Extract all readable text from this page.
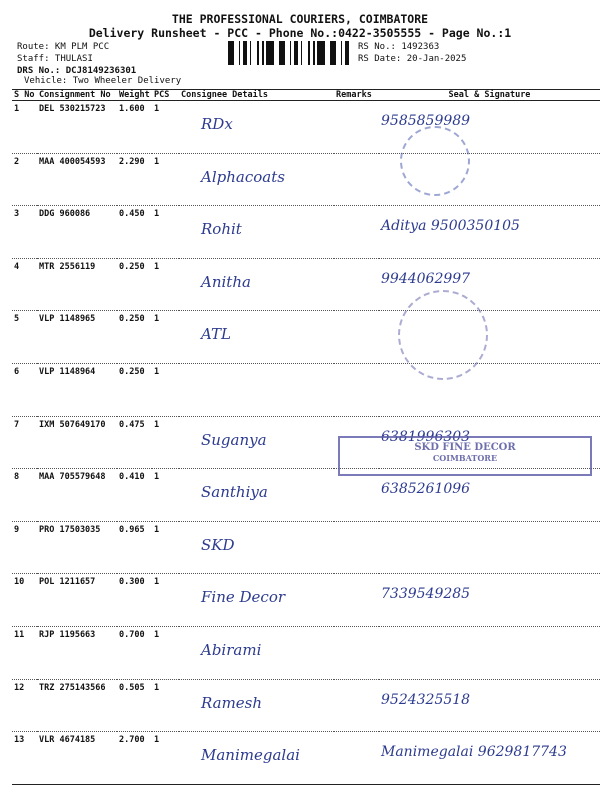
THE PROFESSIONAL COURIERS, COIMBATORE
Delivery Runsheet - PCC - Phone No.:0422-3505555 - Page No.:1
Route: KM PLM PCC
Staff: THULASI
DRS No.: DCJ8149236301
Vehicle: Two Wheeler Delivery
RS No.: 1492363
RS Date: 20-Jan-2025
S No	Consignment No	Weight	PCS	Consignee Details	Remarks	Seal & Signature
1	DEL 530215723	1.600	1	RDx		9585859989
2	MAA 400054593	2.290	1	Alphacoats		
3	DDG 960086	0.450	1	Rohit		Aditya 9500350105
4	MTR 2556119	0.250	1	Anitha		9944062997
5	VLP 1148965	0.250	1	ATL		
6	VLP 1148964	0.250	1			
7	IXM 507649170	0.475	1	Suganya		6381996303
8	MAA 705579648	0.410	1	Santhiya		6385261096
9	PRO 17503035	0.965	1	SKD		
10	POL 1211657	0.300	1	Fine Decor		7339549285
11	RJP 1195663	0.700	1	Abirami		
12	TRZ 275143566	0.505	1	Ramesh		9524325518
13	VLR 4674185	2.700	1	Manimegalai		Manimegalai 9629817743
SKD FINE DECOR
COIMBATORE
